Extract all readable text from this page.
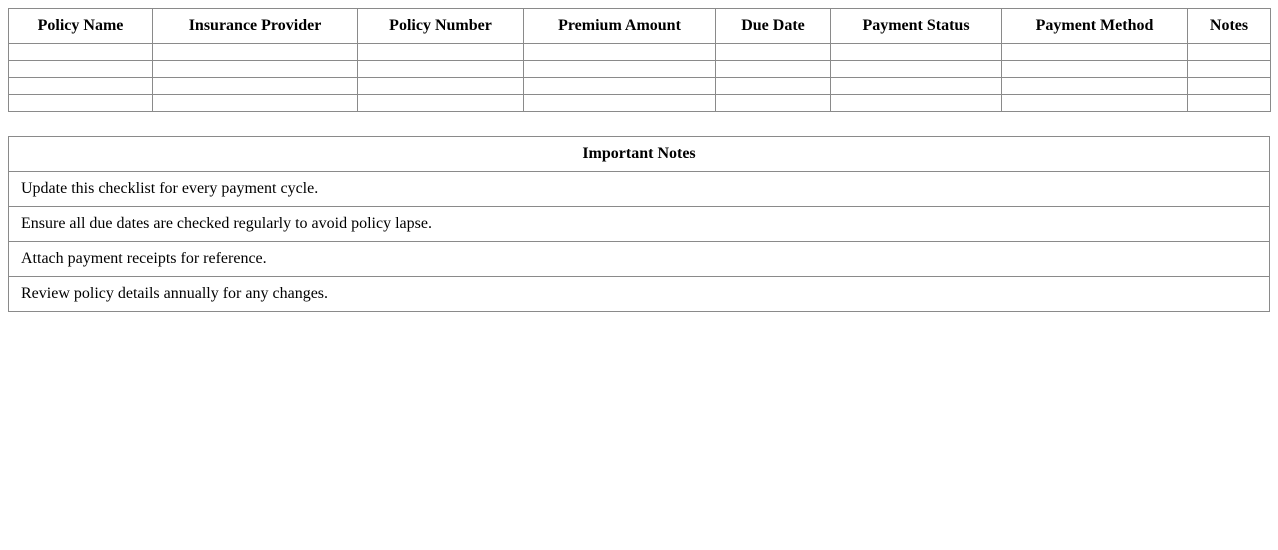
Policy Name	Insurance Provider	Policy Number	Premium Amount	Due Date	Payment Status	Payment Method	Notes

Important Notes
Update this checklist for every payment cycle.
Ensure all due dates are checked regularly to avoid policy lapse.
Attach payment receipts for reference.
Review policy details annually for any changes.
